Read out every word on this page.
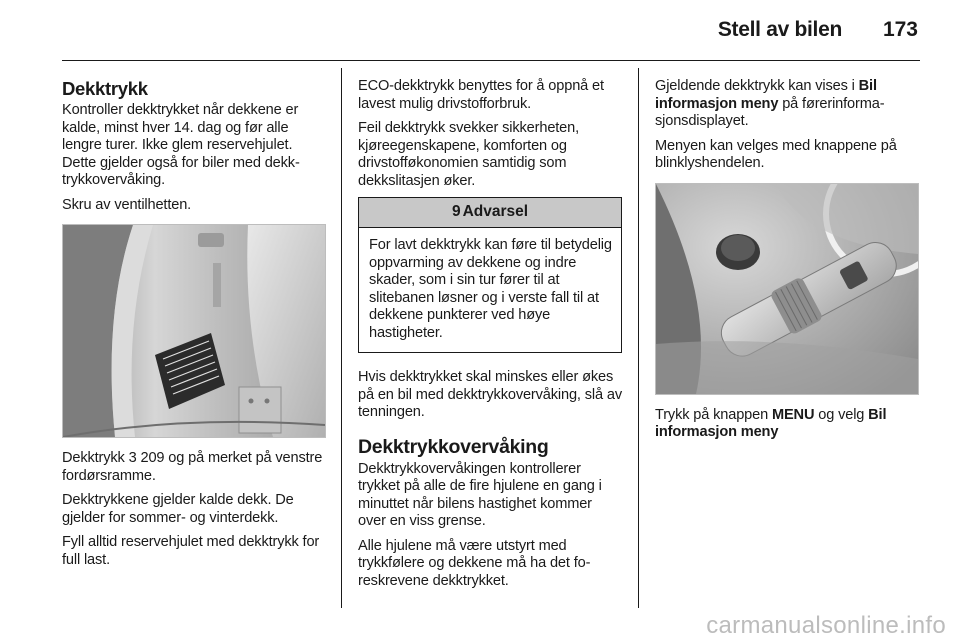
Stell av bilen 173
Dekktrykk

Kontroller dekktrykket når dekkene er kalde, minst hver 14. dag og før alle lengre turer. Ikke glem reservehjulet. Dette gjelder også for biler med dekktrykkovervåking.

Skru av ventilhetten.

Dekktrykk 3 209 og på merket på venstre fordørsramme.

Dekktrykkene gjelder kalde dekk. De gjelder for sommer- og vinterdekk.

Fyll alltid reservehjulet med dekktrykk for full last.

ECO-dekktrykk benyttes for å oppnå et lavest mulig drivstofforbruk.

Feil dekktrykk svekker sikkerheten, kjøreegenskapene, komforten og drivstofføkonomien samtidig som dekkslitasjen øker.

9 Advarsel

For lavt dekktrykk kan føre til betydelig oppvarming av dekkene og indre skader, som i sin tur fører til at slitebanen løsner og i verste fall til at dekkene punkterer ved høye hastigheter.

Hvis dekktrykket skal minskes eller økes på en bil med dekktrykkovervåking, slå av tenningen.

Dekktrykkovervåking

Dekktrykkovervåkingen kontrollerer trykket på alle de fire hjulene en gang i minuttet når bilens hastighet kommer over en viss grense.

Alle hjulene må være utstyrt med trykkfølere og dekkene må ha det foreskrevene dekktrykket.

Gjeldende dekktrykk kan vises i Bil informasjon meny på førerinformasjonsdisplayet.

Menyen kan velges med knappene på blinklyshendelen.

Trykk på knappen MENU og velg Bil informasjon meny

carmanualsonline.info
